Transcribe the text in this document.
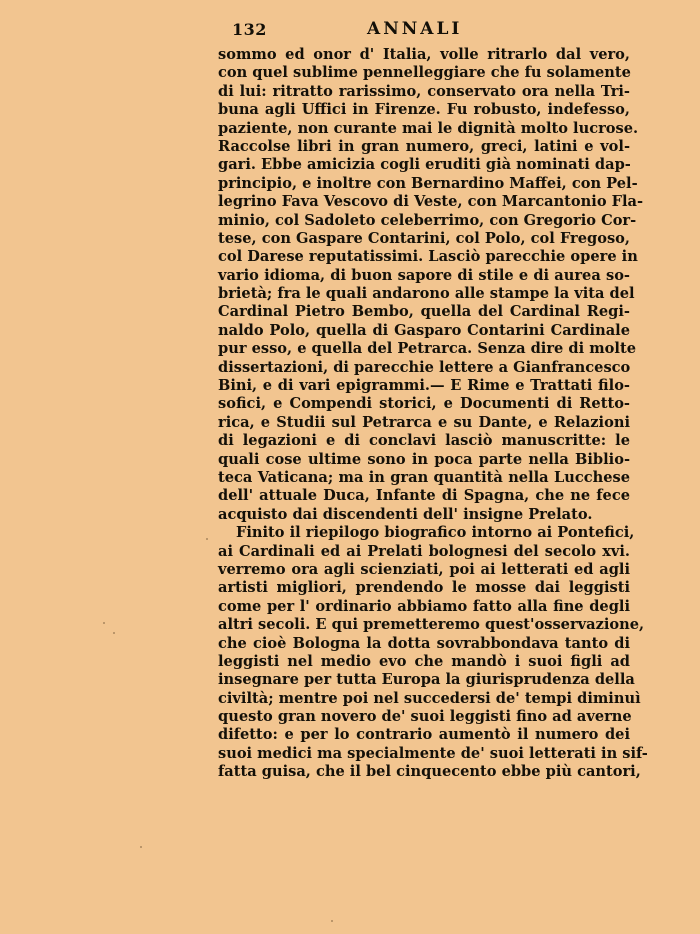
132	ANNALI
sommo ed onor d' Italia, volle ritrarlo dal vero,
con quel sublime pennelleggiare che fu solamente
di lui: ritratto rarissimo, conservato ora nella Tri-
buna agli Uffici in Firenze. Fu robusto, indefesso,
paziente, non curante mai le dignità molto lucrose.
Raccolse libri in gran numero, greci, latini e vol-
gari. Ebbe amicizia cogli eruditi già nominati dap-
principio, e inoltre con Bernardino Maffei, con Pel-
legrino Fava Vescovo di Veste, con Marcantonio Fla-
minio, col Sadoleto celeberrimo, con Gregorio Cor-
tese, con Gaspare Contarini, col Polo, col Fregoso,
col Darese reputatissimi. Lasciò parecchie opere in
vario idioma, di buon sapore di stile e di aurea so-
brietà; fra le quali andarono alle stampe la vita del
Cardinal Pietro Bembo, quella del Cardinal Regi-
naldo Polo, quella di Gasparo Contarini Cardinale
pur esso, e quella del Petrarca. Senza dire di molte
dissertazioni, di parecchie lettere a Gianfrancesco
Bini, e di vari epigrammi.— E Rime e Trattati filo-
sofici, e Compendi storici, e Documenti di Retto-
rica, e Studii sul Petrarca e su Dante, e Relazioni
di legazioni e di conclavi lasciò manuscritte: le
quali cose ultime sono in poca parte nella Biblio-
teca Vaticana; ma in gran quantità nella Lucchese
dell' attuale Duca, Infante di Spagna, che ne fece
acquisto dai discendenti dell' insigne Prelato.
Finito il riepilogo biografico intorno ai Pontefici,
ai Cardinali ed ai Prelati bolognesi del secolo xvi.
verremo ora agli scienziati, poi ai letterati ed agli
artisti migliori, prendendo le mosse dai leggisti
come per l' ordinario abbiamo fatto alla fine degli
altri secoli. E qui premetteremo quest'osservazione,
che cioè Bologna la dotta sovrabbondava tanto di
leggisti nel medio evo che mandò i suoi figli ad
insegnare per tutta Europa la giurisprudenza della
civiltà; mentre poi nel succedersi de' tempi diminuì
questo gran novero de' suoi leggisti fino ad averne
difetto: e per lo contrario aumentò il numero dei
suoi medici ma specialmente de' suoi letterati in sif-
fatta guisa, che il bel cinquecento ebbe più cantori,
